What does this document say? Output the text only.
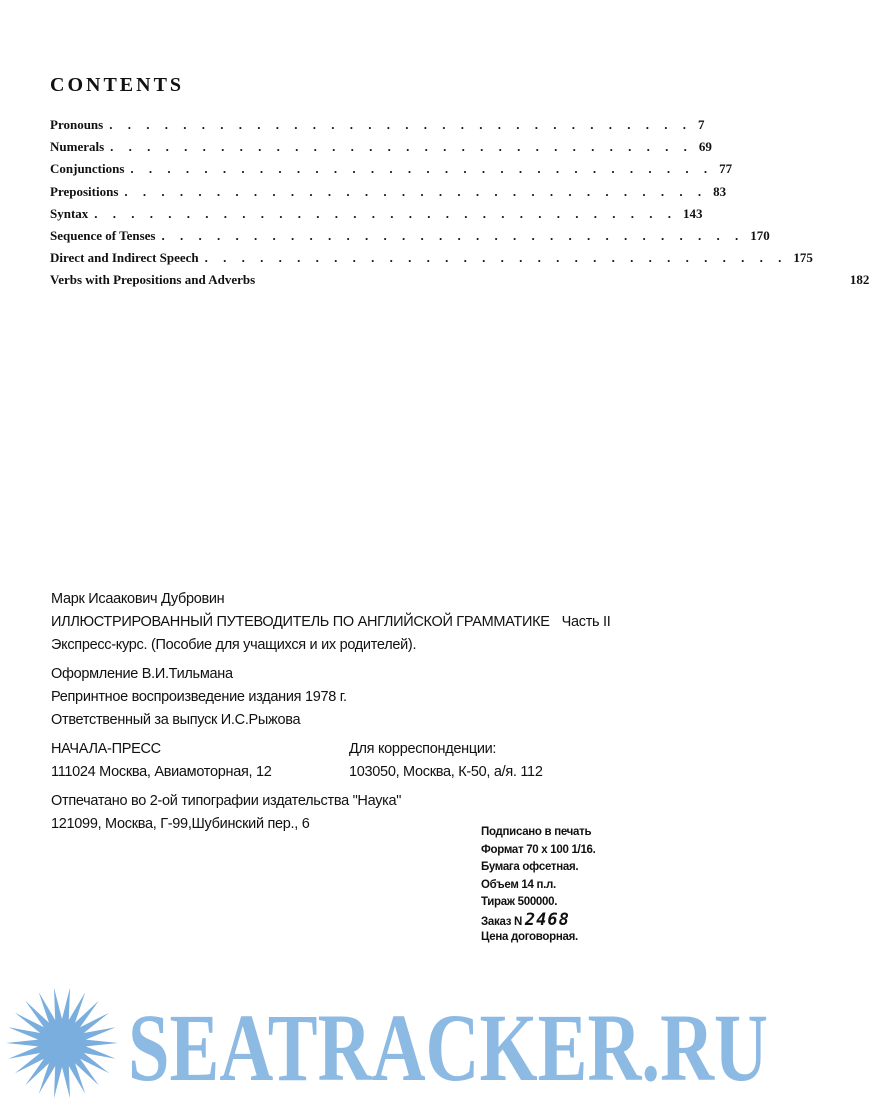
CONTENTS
Pronouns . . . . . . . . . . . . . . . . . . . . . . . . . . . . . . . . 7
Numerals . . . . . . . . . . . . . . . . . . . . . . . . . . . . . . . . 69
Conjunctions . . . . . . . . . . . . . . . . . . . . . . . . . . . . . . . . 77
Prepositions . . . . . . . . . . . . . . . . . . . . . . . . . . . . . . . . 83
Syntax . . . . . . . . . . . . . . . . . . . . . . . . . . . . . . . . 143
Sequence of Tenses . . . . . . . . . . . . . . . . . . . . . . . . . . . . . . . . 170
Direct and Indirect Speech . . . . . . . . . . . . . . . . . . . . . . . . . . . . . . . . 175
Verbs with Prepositions and Adverbs	182
Марк Исаакович Дубровин
ИЛЛЮСТРИРОВАННЫЙ ПУТЕВОДИТЕЛЬ ПО АНГЛИЙСКОЙ ГРАММАТИКЕ Часть II
Экспресс-курс. (Пособие для учащихся и их родителей).
Оформление В.И.Тильмана
Репринтное воспроизведение издания 1978 г.
Ответственный за выпуск И.С.Рыжова
НАЧАЛА-ПРЕСС
111024 Москва, Авиамоторная, 12
Для корреспонденции:
103050, Москва, К-50, а/я. 112
Отпечатано во 2-ой типографии издательства "Наука"
121099, Москва, Г-99,Шубинский пер., 6	Подписано в печать
Формат 70 х 100 1/16.
Бумага офсетная.
Объем 14 п.л.
Тираж 500000.
Заказ N 2468
Цена договорная.
SEATRACKER.RU
